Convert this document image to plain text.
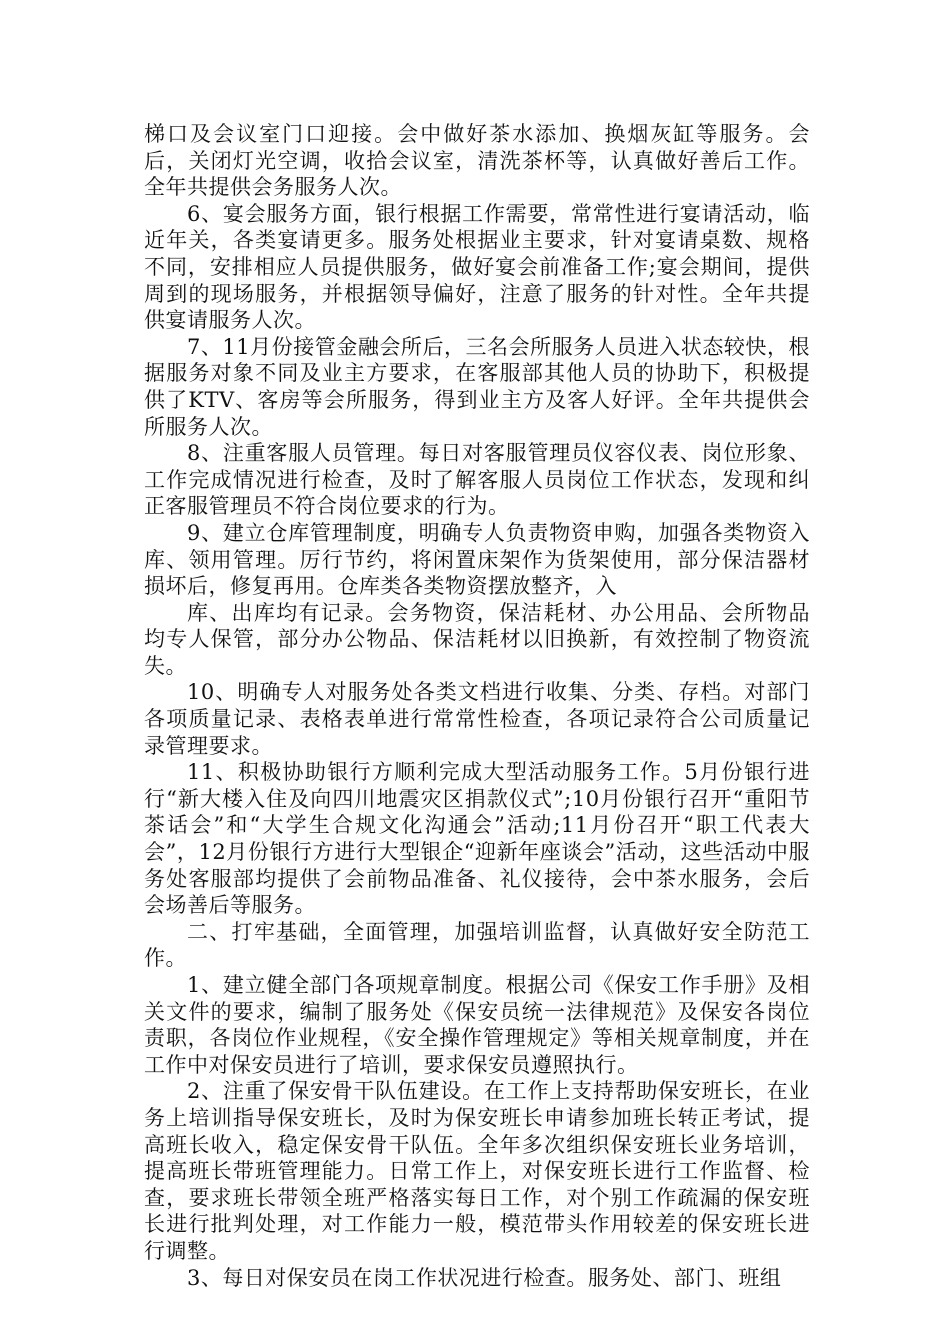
梯口及会议室门口迎接。会中做好茶水添加、换烟灰缸等服务。会后，关闭灯光空调，收拾会议室，清洗茶杯等，认真做好善后工作。全年共提供会务服务人次。

6、宴会服务方面，银行根据工作需要，常常性进行宴请活动，临近年关，各类宴请更多。服务处根据业主要求，针对宴请桌数、规格不同，安排相应人员提供服务，做好宴会前准备工作;宴会期间，提供周到的现场服务，并根据领导偏好，注意了服务的针对性。全年共提供宴请服务人次。

7、11月份接管金融会所后，三名会所服务人员进入状态较快，根据服务对象不同及业主方要求，在客服部其他人员的协助下，积极提供了KTV、客房等会所服务，得到业主方及客人好评。全年共提供会所服务人次。

8、注重客服人员管理。每日对客服管理员仪容仪表、岗位形象、工作完成情况进行检查，及时了解客服人员岗位工作状态，发现和纠正客服管理员不符合岗位要求的行为。

9、建立仓库管理制度，明确专人负责物资申购，加强各类物资入库、领用管理。厉行节约，将闲置床架作为货架使用，部分保洁器材损坏后，修复再用。仓库类各类物资摆放整齐，入

库、出库均有记录。会务物资，保洁耗材、办公用品、会所物品均专人保管，部分办公物品、保洁耗材以旧换新，有效控制了物资流失。

10、明确专人对服务处各类文档进行收集、分类、存档。对部门各项质量记录、表格表单进行常常性检查，各项记录符合公司质量记录管理要求。

11、积极协助银行方顺利完成大型活动服务工作。5月份银行进行“新大楼入住及向四川地震灾区捐款仪式”;10月份银行召开“重阳节茶话会”和“大学生合规文化沟通会”活动;11月份召开“职工代表大会”，12月份银行方进行大型银企“迎新年座谈会”活动，这些活动中服务处客服部均提供了会前物品准备、礼仪接待，会中茶水服务，会后会场善后等服务。

二、打牢基础，全面管理，加强培训监督，认真做好安全防范工作。

1、建立健全部门各项规章制度。根据公司《保安工作手册》及相关文件的要求，编制了服务处《保安员统一法律规范》及保安各岗位责职，各岗位作业规程，《安全操作管理规定》等相关规章制度，并在工作中对保安员进行了培训，要求保安员遵照执行。

2、注重了保安骨干队伍建设。在工作上支持帮助保安班长，在业务上培训指导保安班长，及时为保安班长申请参加班长转正考试，提高班长收入，稳定保安骨干队伍。全年多次组织保安班长业务培训，提高班长带班管理能力。日常工作上，对保安班长进行工作监督、检查，要求班长带领全班严格落实每日工作，对个别工作疏漏的保安班长进行批判处理，对工作能力一般，模范带头作用较差的保安班长进行调整。

3、每日对保安员在岗工作状况进行检查。服务处、部门、班组
